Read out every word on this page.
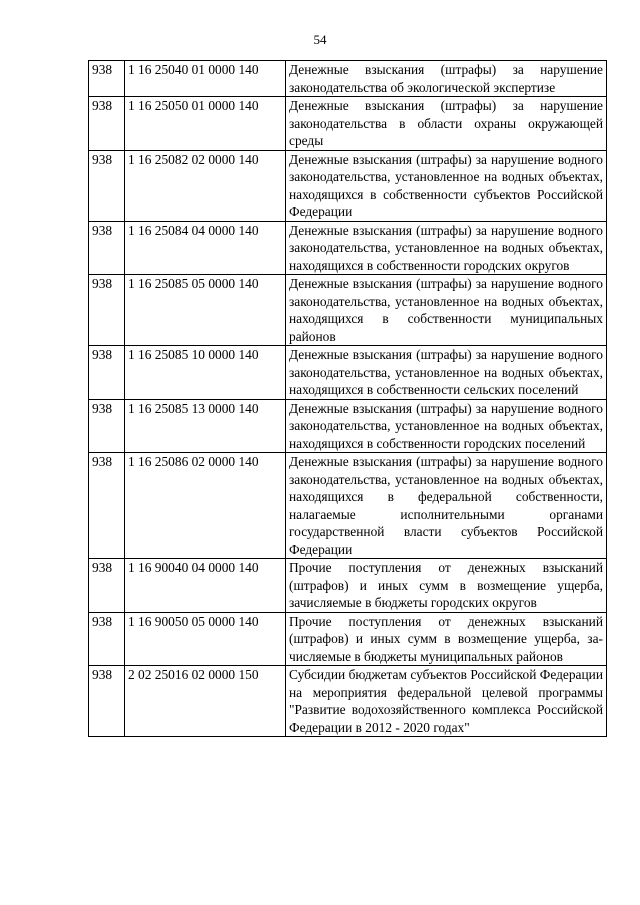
54
938	1 16 25040 01 0000 140	Денежные взыскания (штрафы) за нарушение законодательства об экологической экспертизе
938	1 16 25050 01 0000 140	Денежные взыскания (штрафы) за нарушение законодательства в области охраны окружающей среды
938	1 16 25082 02 0000 140	Денежные взыскания (штрафы) за нарушение водного законодательства, установленное на водных объектах, находящихся в собственности субъектов Российской Федерации
938	1 16 25084 04 0000 140	Денежные взыскания (штрафы) за нарушение водного законодательства, установленное на водных объектах, находящихся в собственности городских округов
938	1 16 25085 05 0000 140	Денежные взыскания (штрафы) за нарушение водного законодательства, установленное на водных объектах, находящихся в собственности муниципальных районов
938	1 16 25085 10 0000 140	Денежные взыскания (штрафы) за нарушение водного законодательства, установленное на водных объектах, находящихся в собственности сельских поселений
938	1 16 25085 13 0000 140	Денежные взыскания (штрафы) за нарушение водного законодательства, установленное на водных объектах, находящихся в собственности городских поселений
938	1 16 25086 02 0000 140	Денежные взыскания (штрафы) за нарушение водного законодательства, установленное на водных объектах, находящихся в федеральной собственности, налагаемые исполнительными органами государственной власти субъектов Российской Федерации
938	1 16 90040 04 0000 140	Прочие поступления от денежных взысканий (штрафов) и иных сумм в возмещение ущерба, зачисляемые в бюджеты городских округов
938	1 16 90050 05 0000 140	Прочие поступления от денежных взысканий (штрафов) и иных сумм в возмещение ущерба, зачисляемые в бюджеты муниципальных районов
938	2 02 25016 02 0000 150	Субсидии бюджетам субъектов Российской Федерации на мероприятия федеральной целевой программы "Развитие водохозяйственного комплекса Российской Федерации в 2012 - 2020 годах"
